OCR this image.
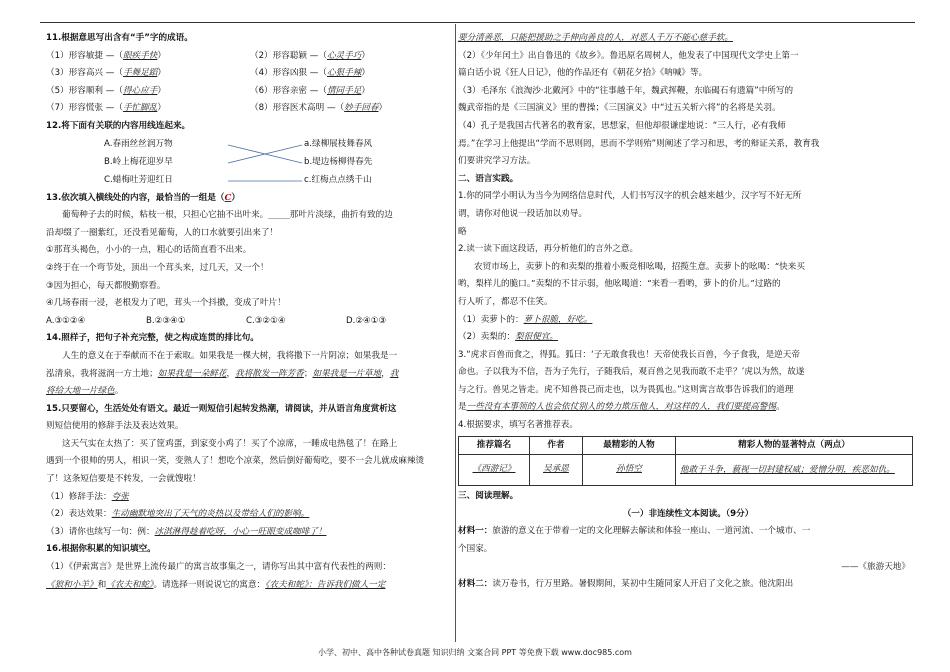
11.根据意思写出含有“手”字的成语。
（1）形容敏捷 —（眼疾手快）	（2）形容聪颖 —（心灵手巧）
（3）形容高兴 —（手舞足蹈）	（4）形容凶狠 —（心狠手辣）
（5）形容顺利 —（得心应手）	（6）形容亲密 —（情同手足）
（7）形容慌张 —（手忙脚乱）	（8）形容医术高明 —（妙手回春）
12.将下面有关联的内容用线连起来。
A.春雨丝丝润万物
B.岭上梅花迎岁早
C.蜡梅吐芳迎红日
a.绿柳展枝舞春风
b.堤边杨柳得春先
c.红梅点点绣千山
13.依次填入横线处的内容，最恰当的一组是（C）
葡萄种子去的时候，粘枝一根，只担心它抽不出叶来。_____那叶片淡绿，曲折有致的边
沿却缀了一圈紫红，还没看见葡萄，人的口水就要引出来了！
①那茸头褐色，小小的一点，粗心的话简直看不出来。
②终于在一个弯节处，顶出一个茸头来，过几天，又一个！
③因为担心，每天都殷勤察看。
④几场春雨一浸，老根发力了吧，茸头一个抖擞，变成了叶片！
A.③①②④	B.②③④①	C.③②①④	D.②④①③
14.照样子，把句子补充完整，使之构成连贯的排比句。
人生的意义在于奉献而不在于索取。如果我是一棵大树，我将撒下一片阴凉；如果我是一
泓清泉，我将滋润一方土地；如果我是一朵鲜花，我将散发一阵芳香；如果我是一片草地，我
将给大地一片绿色。
15.只要留心，生活处处有语文。最近一则短信引起转发热潮，请阅读，并从语言角度赏析这
则短信使用的修辞手法及表达效果。
这天气实在太热了：买了筐鸡蛋，到家变小鸡了！买了个凉席，一睡成电热毯了！在路上
遇到一个很帅的男人，相识一笑，变熟人了！想吃个凉菜，然后倒好葡萄吃，要不一会儿就成麻辣烫
了！这条短信要是不转发，一会就馊啦！
（1）修辞手法：夸张
（2）表达效果：生动幽默地突出了天气的炎热以及带给人们的影响。
（3）请你也续写一句：例：冰淇淋得趁着吃呀，小心一旺眼变成咖啡了！
16.根据你积累的知识填空。
（1）《伊索寓言》是世界上流传最广的寓言故事集之一，请你写出其中富有代表性的两则：
《狼和小羊》和《农夫和蛇》。请选择一则说说它的寓意：《农夫和蛇》：告诉我们做人一定
要分清善恶，只能把援助之手伸向善良的人，对恶人千万不能心慈手软。
（2）《少年闰土》出自鲁迅的《故乡》。鲁迅原名周树人，他发表了中国现代文学史上第一
篇白话小说《狂人日记》，他的作品还有《朝花夕拾》《呐喊》等。
（3）毛泽东《浪淘沙·北戴河》中的“往事越千年，魏武挥鞭，东临碣石有遗篇”中所写的
魏武帝指的是《三国演义》里的曹操；《三国演义》中“过五关斩六将”的名将是关羽。
（4）孔子是我国古代著名的教育家，思想家，但他却很谦虚地说：“三人行，必有我师
焉。”在学习上他提出“学而不思则罔，思而不学则殆”则阐述了学习和思，考的辩证关系，教育我
们要讲究学习方法。
二、语言实践。
1.你的同学小明认为当今为网络信息时代，人们书写汉字的机会越来越少，汉字写不好无所
谓，请你对他说一段话加以劝导。
略
2.读一读下面这段话，再分析他们的言外之意。
农贸市场上，卖萝卜的和卖梨的推着小贩竞相吆喝，招揽生意。卖萝卜的吆喝：“快来买
哟，梨样儿的脆口。”卖梨的不甘示弱，他吆喝道：“来看一看哟，萝卜的价儿。”过路的
行人听了，都忍不住笑。
（1）卖萝卜的：萝卜很脆，好吃。
（2）卖梨的：梨很便宜。
3.“虎求百兽而食之，得狐。狐曰：‘子无敢食我也！天帝使我长百兽，今子食我，是逆天帝
命也。子以我为不信，吾为子先行，子随我后，观百兽之见我而敢不走乎？’虎以为然，故遂
与之行。兽见之皆走。虎不知兽畏己而走也，以为畏狐也。”这则寓言故事告诉我们的道理
是一些没有本事领的人也会依仗别人的势力欺压他人，对这样的人，我们要提高警惕。
4.根据要求，填写名著推荐表。
推荐篇名	作者	最精彩的人物	精彩人物的显著特点（两点）
《西游记》	吴承恩	孙悟空	他敢于斗争，藐视一切封建权威；爱憎分明，疾恶如仇。
三、阅读理解。
（一）非连续性文本阅读。（9分）
材料一：旅游的意义在于带着一定的文化理解去解读和体验一座山、一道河流、一个城市、一
个国家。
——《旅游天地》
材料二：读万卷书，行万里路。暑假期间，某初中生随同家人开启了文化之旅。他沈阳出
小学、初中、高中各种试卷真题 知识归纳 文案合同 PPT 等免费下载 www.doc985.com
